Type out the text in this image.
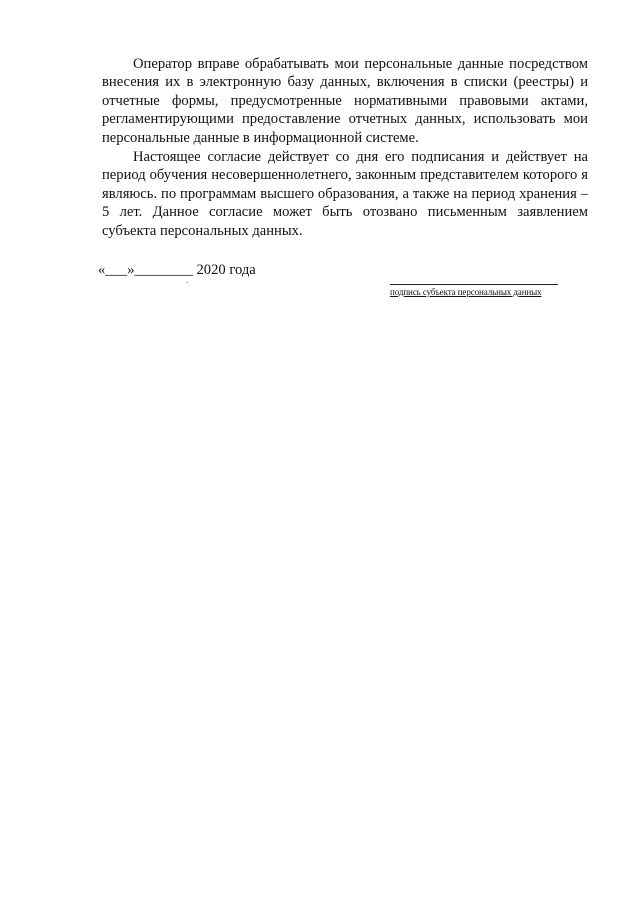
Оператор вправе обрабатывать мои персональные данные посредством внесения их в электронную базу данных, включения в списки (реестры) и отчетные формы, предусмотренные нормативными правовыми актами, регламентирующими предоставление отчетных данных, использовать мои персональные данные в информационной системе.

Настоящее согласие действует со дня его подписания и действует на период обучения несовершеннолетнего, законным представителем которого я являюсь. по программам высшего образования, а также на период хранения – 5 лет. Данное согласие может быть отозвано письменным заявлением субъекта персональных данных.

«___»________ 2020 года
подпись субъекта персональных данных
